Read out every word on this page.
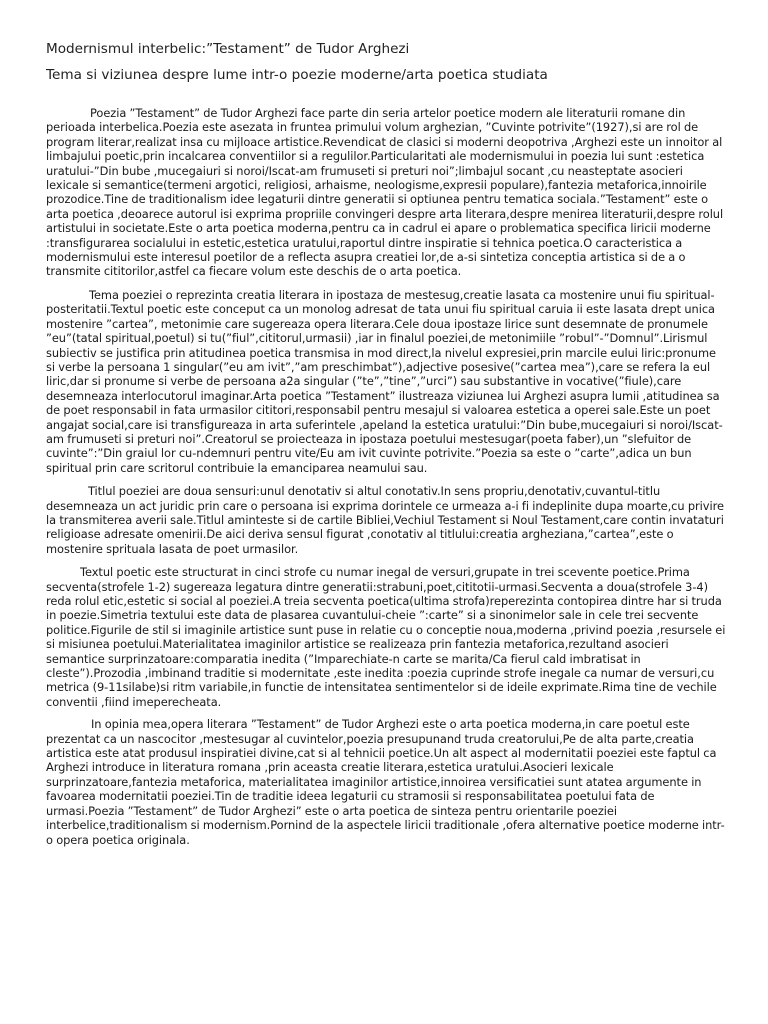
Modernismul interbelic:”Testament” de Tudor Arghezi
Tema si viziunea despre lume intr-o poezie moderne/arta poetica studiata

Poezia ”Testament” de Tudor Arghezi face parte din seria artelor poetice modern ale literaturii romane din perioada interbelica.Poezia este asezata in fruntea primului volum arghezian, ”Cuvinte potrivite”(1927),si are rol de program literar,realizat insa cu mijloace artistice.Revendicat de clasici si moderni deopotriva ,Arghezi este un innoitor al limbajului poetic,prin incalcarea conventiilor si a regulilor.Particularitati ale modernismului in poezia lui sunt :estetica uratului-”Din bube ,mucegaiuri si noroi/Iscat-am frumuseti si preturi noi”;limbajul socant ,cu neasteptate asocieri lexicale si semantice(termeni argotici, religiosi, arhaisme, neologisme,expresii populare),fantezia metaforica,innoirile prozodice.Tine de traditionalism idee legaturii dintre generatii si optiunea pentru tematica sociala.”Testament” este o arta poetica ,deoarece autorul isi exprima propriile convingeri despre arta literara,despre menirea literaturii,despre rolul artistului in societate.Este o arta poetica moderna,pentru ca in cadrul ei apare o problematica specifica liricii moderne :transfigurarea socialului in estetic,estetica uratului,raportul dintre inspiratie si tehnica poetica.O caracteristica a modernismului este interesul poetilor de a reflecta asupra creatiei lor,de a-si sintetiza conceptia artistica si de a o transmite cititorilor,astfel ca fiecare volum este deschis de o arta poetica.

Tema poeziei o reprezinta creatia literara in ipostaza de mestesug,creatie lasata ca mostenire unui fiu spiritual-posteritatii.Textul poetic este conceput ca un monolog adresat de tata unui fiu spiritual caruia ii este lasata drept unica mostenire ”cartea”, metonimie care sugereaza opera literara.Cele doua ipostaze lirice sunt desemnate de pronumele ”eu”(tatal spiritual,poetul) si tu(”fiul”,cititorul,urmasii) ,iar in finalul poeziei,de metonimiile ”robul”-”Domnul”.Lirismul subiectiv se justifica prin atitudinea poetica transmisa in mod direct,la nivelul expresiei,prin marcile eului liric:pronume si verbe la persoana 1 singular(”eu am ivit”,”am preschimbat”),adjective posesive(”cartea mea”),care se refera la eul liric,dar si pronume si verbe de persoana a2a singular (”te”,”tine”,”urci”) sau substantive in vocative(”fiule),care desemneaza interlocutorul imaginar.Arta poetica ”Testament” ilustreaza viziunea lui Arghezi asupra lumii ,atitudinea sa de poet responsabil in fata urmasilor cititori,responsabil pentru mesajul si valoarea estetica a operei sale.Este un poet angajat social,care isi transfigureaza in arta suferintele ,apeland la estetica uratului:”Din bube,mucegaiuri si noroi/Iscat-am frumuseti si preturi noi”.Creatorul se proiecteaza in ipostaza poetului mestesugar(poeta faber),un ”slefuitor de cuvinte”:”Din graiul lor cu-ndemnuri pentru vite/Eu am ivit cuvinte potrivite.”Poezia sa este o ”carte”,adica un bun spiritual prin care scritorul contribuie la emanciparea neamului sau.

Titlul poeziei are doua sensuri:unul denotativ si altul conotativ.In sens propriu,denotativ,cuvantul-titlu desemneaza un act juridic prin care o persoana isi exprima dorintele ce urmeaza a-i fi indeplinite dupa moarte,cu privire la transmiterea averii sale.Titlul aminteste si de cartile Bibliei,Vechiul Testament si Noul Testament,care contin invataturi religioase adresate omenirii.De aici deriva sensul figurat ,conotativ al titlului:creatia argheziana,”cartea”,este o mostenire sprituala lasata de poet urmasilor.

Textul poetic este structurat in cinci strofe cu numar inegal de versuri,grupate in trei scevente poetice.Prima secventa(strofele 1-2) sugereaza legatura dintre generatii:strabuni,poet,cititotii-urmasi.Secventa a doua(strofele 3-4) reda rolul etic,estetic si social al poeziei.A treia secventa poetica(ultima strofa)reperezinta contopirea dintre har si truda in poezie.Simetria textului este data de plasarea cuvantului-cheie ”:carte” si a sinonimelor sale in cele trei secvente politice.Figurile de stil si imaginile artistice sunt puse in relatie cu o conceptie noua,moderna ,privind poezia ,resursele ei si misiunea poetului.Materialitatea imaginilor artistice se realizeaza prin fantezia metaforica,rezultand asocieri semantice surprinzatoare:comparatia inedita (”Imparechiate-n carte se marita/Ca fierul cald imbratisat in cleste”).Prozodia ,imbinand traditie si modernitate ,este inedita :poezia cuprinde strofe inegale ca numar de versuri,cu metrica (9-11silabe)si ritm variabile,in functie de intensitatea sentimentelor si de ideile exprimate.Rima tine de vechile conventii ,fiind imeperecheata.

In opinia mea,opera literara ”Testament” de Tudor Arghezi este o arta poetica moderna,in care poetul este prezentat ca un nascocitor ,mestesugar al cuvintelor,poezia presupunand truda creatorului,Pe de alta parte,creatia artistica este atat produsul inspiratiei divine,cat si al tehnicii poetice.Un alt aspect al modernitatii poeziei este faptul ca Arghezi introduce in literatura romana ,prin aceasta creatie literara,estetica uratului.Asocieri lexicale surprinzatoare,fantezia metaforica, materialitatea imaginilor artistice,innoirea versificatiei sunt atatea argumente in favoarea modernitatii poeziei.Tin de traditie ideea legaturii cu stramosii si responsabilitatea poetului fata de urmasi.Poezia ”Testament” de Tudor Arghezi” este o arta poetica de sinteza pentru orientarile poeziei interbelice,traditionalism si modernism.Pornind de la aspectele liricii traditionale ,ofera alternative poetice moderne intr-o opera poetica originala.
